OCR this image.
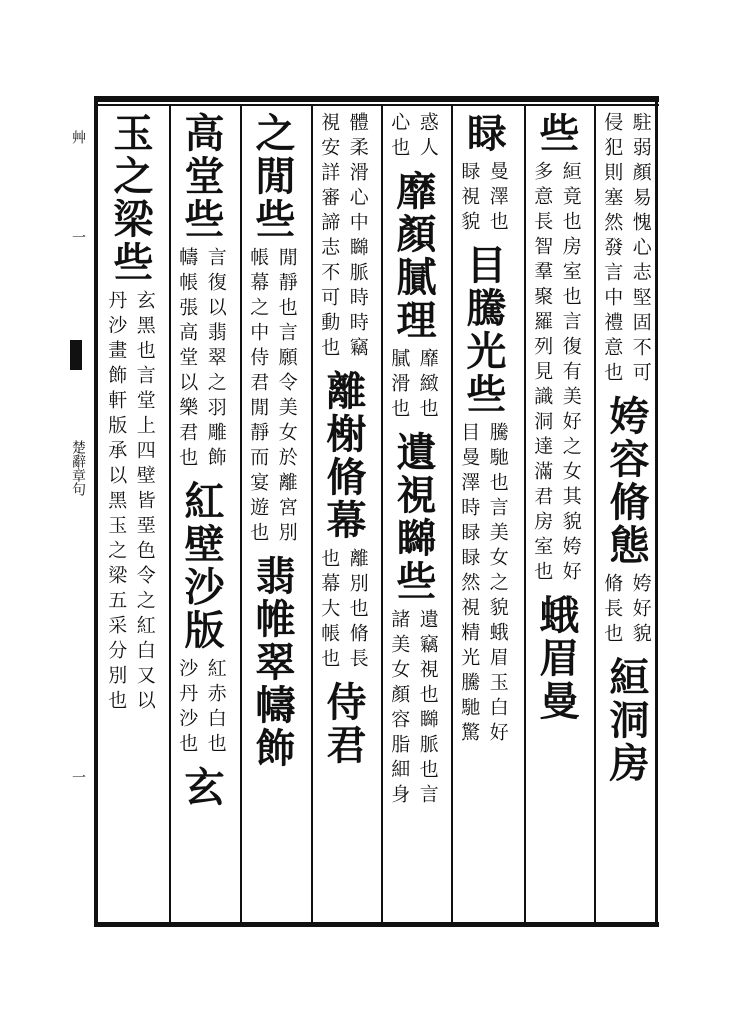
艸
一
楚辭章句
一
駐弱顏易愧心志堅固不可
侵犯則塞然發言中禮意也
姱容脩態
姱好貌
脩長也
絙洞房
些
絙竟也房室也言復有美好之女其貌姱好
多意長智羣聚羅列見識洞達滿君房室也
蛾眉曼
睩
曼澤也
睩視貌
目騰光些
騰馳也言美女之貌蛾眉玉白好
目曼澤時睩睩然視精光騰馳驚
惑人
心也
靡顏膩理
靡緻也
膩滑也
遺視矊些
遺竊視也矊脈也言
諸美女顏容脂細身
體柔滑心中矊脈時時竊
視安詳審諦志不可動也
離榭脩幕
離別也脩長
也幕大帳也
侍君
之閒些
閒靜也言願令美女於離宮別
帳幕之中侍君閒靜而宴遊也
翡帷翠幬飾
高堂些
言復以翡翠之羽雕飾
幬帳張高堂以樂君也
紅壁沙版
紅赤白也
沙丹沙也
玄
玉之梁些
玄黑也言堂上四壁皆堊色令之紅白又以
丹沙畫飾軒版承以黑玉之梁五采分別也
